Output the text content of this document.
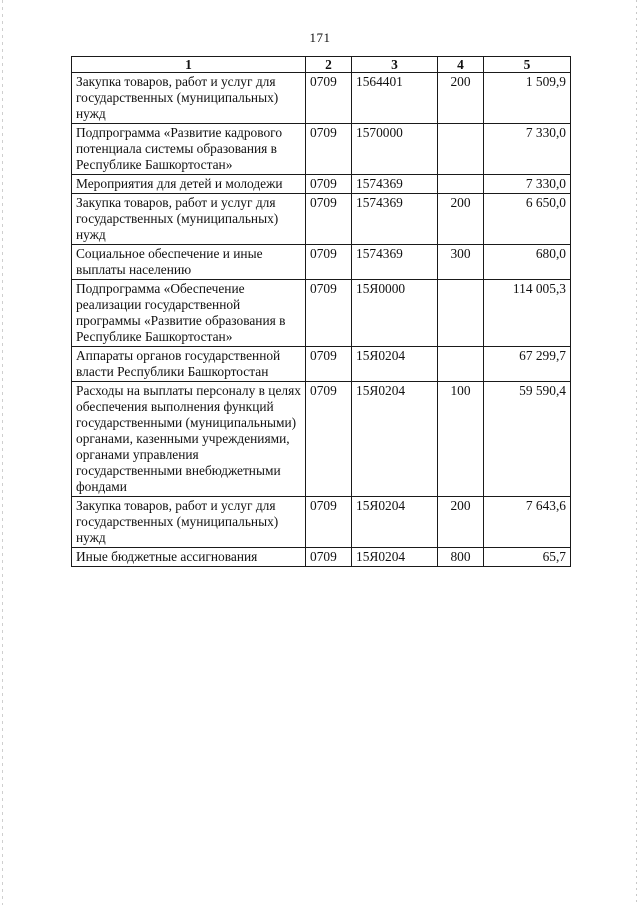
171
1	2	3	4	5
Закупка товаров, работ и услуг для государственных (муниципальных) нужд	0709	1564401	200	1 509,9
Подпрограмма «Развитие кадрового потенциала системы образования в Республике Башкортостан»	0709	1570000		7 330,0
Мероприятия для детей и молодежи	0709	1574369		7 330,0
Закупка товаров, работ и услуг для государственных (муниципальных) нужд	0709	1574369	200	6 650,0
Социальное обеспечение и иные выплаты населению	0709	1574369	300	680,0
Подпрограмма «Обеспечение реализации государственной программы «Развитие образования в Республике Башкортостан»	0709	15Я0000		114 005,3
Аппараты органов государственной власти Республики Башкортостан	0709	15Я0204		67 299,7
Расходы на выплаты персоналу в целях обеспечения выполнения функций государственными (муниципальными) органами, казенными учреждениями, органами управления государственными внебюджетными фондами	0709	15Я0204	100	59 590,4
Закупка товаров, работ и услуг для государственных (муниципальных) нужд	0709	15Я0204	200	7 643,6
Иные бюджетные ассигнования	0709	15Я0204	800	65,7
